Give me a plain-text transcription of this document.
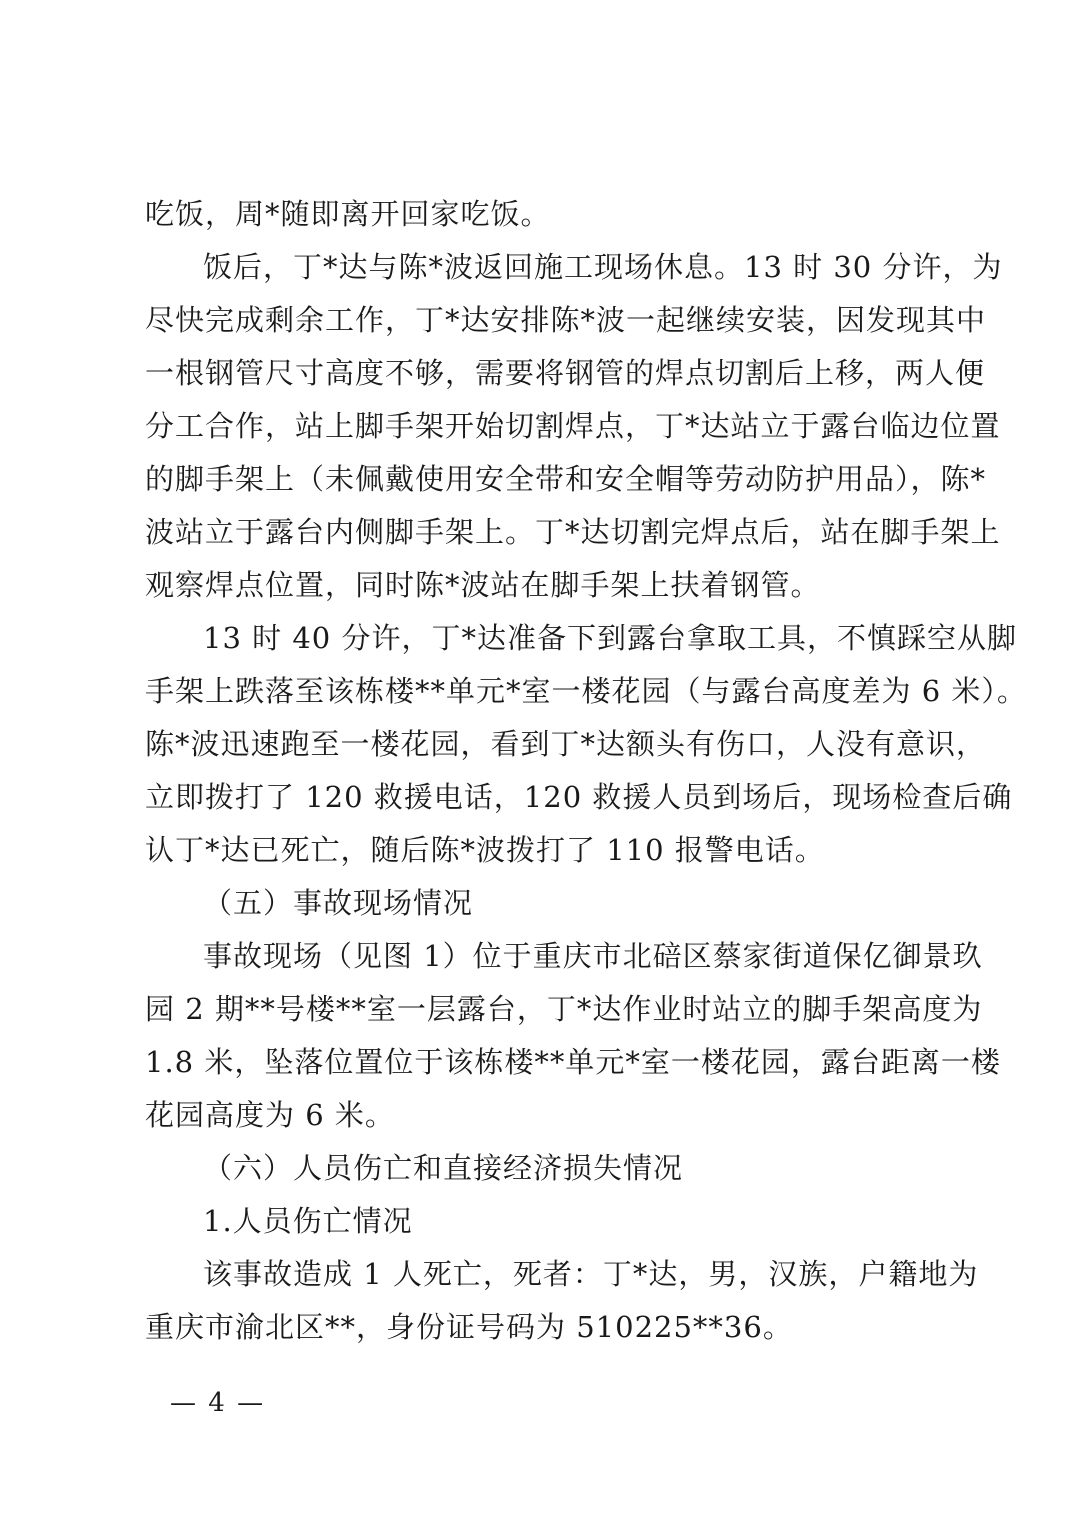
吃饭，周*随即离开回家吃饭。
饭后，丁*达与陈*波返回施工现场休息。13 时 30 分许，为
尽快完成剩余工作，丁*达安排陈*波一起继续安装，因发现其中
一根钢管尺寸高度不够，需要将钢管的焊点切割后上移，两人便
分工合作，站上脚手架开始切割焊点，丁*达站立于露台临边位置
的脚手架上（未佩戴使用安全带和安全帽等劳动防护用品），陈*
波站立于露台内侧脚手架上。丁*达切割完焊点后，站在脚手架上
观察焊点位置，同时陈*波站在脚手架上扶着钢管。
13 时 40 分许，丁*达准备下到露台拿取工具，不慎踩空从脚
手架上跌落至该栋楼**单元*室一楼花园（与露台高度差为 6 米）。
陈*波迅速跑至一楼花园，看到丁*达额头有伤口，人没有意识，
立即拨打了 120 救援电话，120 救援人员到场后，现场检查后确
认丁*达已死亡，随后陈*波拨打了 110 报警电话。
（五）事故现场情况
事故现场（见图 1）位于重庆市北碚区蔡家街道保亿御景玖
园 2 期**号楼**室一层露台，丁*达作业时站立的脚手架高度为
1.8 米，坠落位置位于该栋楼**单元*室一楼花园，露台距离一楼
花园高度为 6 米。
（六）人员伤亡和直接经济损失情况
1.人员伤亡情况
该事故造成 1 人死亡，死者：丁*达，男，汉族，户籍地为
重庆市渝北区**，身份证号码为 510225**36。
— 4 —
